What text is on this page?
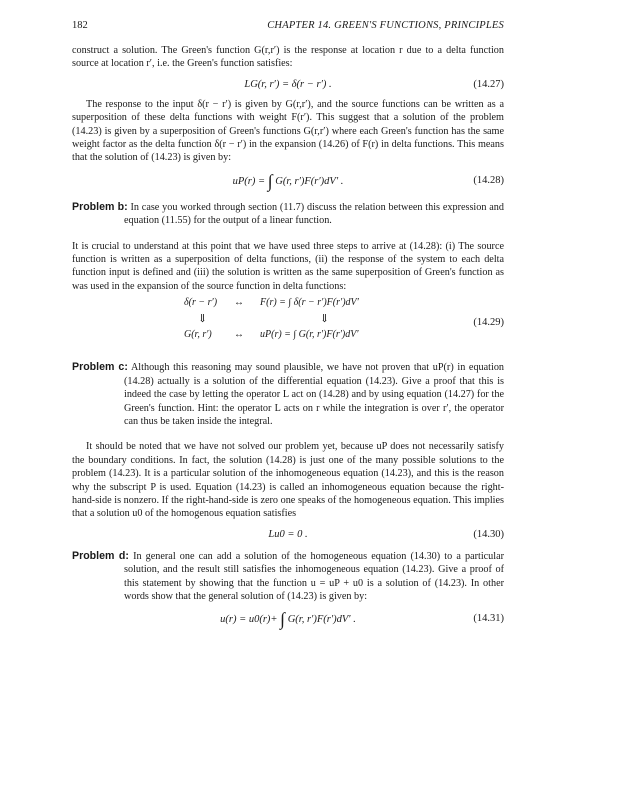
182	CHAPTER 14. GREEN'S FUNCTIONS, PRINCIPLES

construct a solution. The Green's function G(r,r′) is the response at location r due to a delta function source at location r′, i.e. the Green's function satisfies:

LG(r, r′) = δ(r − r′) .	(14.27)

The response to the input δ(r − r′) is given by G(r,r′), and the source functions can be written as a superposition of these delta functions with weight F(r′). This suggest that a solution of the problem (14.23) is given by a superposition of Green's functions G(r,r′) where each Green's function has the same weight factor as the delta function δ(r − r′) in the expansion (14.26) of F(r) in delta functions. This means that the solution of (14.23) is given by:

uP(r) = ∫ G(r, r′)F(r′)dV′ .	(14.28)
Problem b: In case you worked through section (11.7) discuss the relation between this expression and equation (11.55) for the output of a linear function.

It is crucial to understand at this point that we have used three steps to arrive at (14.28): (i) The source function is written as a superposition of delta functions, (ii) the response of the system to each delta function input is defined and (iii) the solution is written as the same superposition of Green's function as was used in the expansion of the source function in delta functions:

δ(r − r′) ↔ F(r) = ∫ δ(r − r′)F(r′)dV′
⇓	⇓
G(r, r′) ↔ uP(r) = ∫ G(r, r′)F(r′)dV′
(14.29)
Problem c: Although this reasoning may sound plausible, we have not proven that uP(r) in equation (14.28) actually is a solution of the differential equation (14.23). Give a proof that this is indeed the case by letting the operator L act on (14.28) and by using equation (14.27) for the Green's function. Hint: the operator L acts on r while the integration is over r′, the operator can thus be taken inside the integral.

It should be noted that we have not solved our problem yet, because uP does not necessarily satisfy the boundary conditions. In fact, the solution (14.28) is just one of the many possible solutions to the problem (14.23). It is a particular solution of the inhomogeneous equation (14.23), and this is the reason why the subscript P is used. Equation (14.23) is called an inhomogeneous equation because the right-hand-side is nonzero. If the right-hand-side is zero one speaks of the homogeneous equation. This implies that a solution u0 of the homogenous equation satisfies

Lu0 = 0 .	(14.30)
Problem d: In general one can add a solution of the homogeneous equation (14.30) to a particular solution, and the result still satisfies the inhomogeneous equation (14.23). Give a proof of this statement by showing that the function u = uP + u0 is a solution of (14.23). In other words show that the general solution of (14.23) is given by:
u(r) = u0(r)+ ∫ G(r, r′)F(r′)dV′ .	(14.31)
